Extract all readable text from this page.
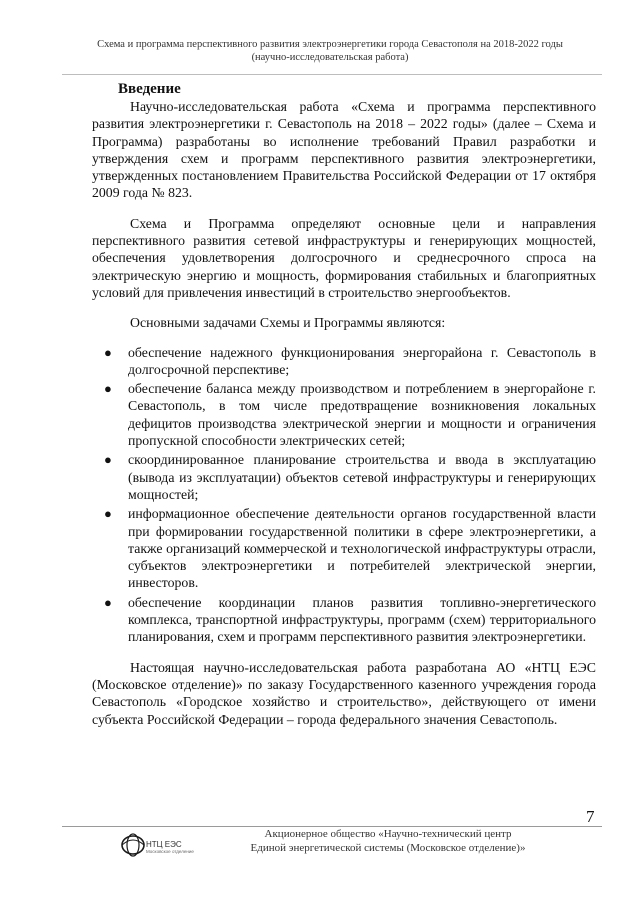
Схема и программа перспективного развития электроэнергетики города Севастополя на 2018-2022 годы
(научно-исследовательская работа)
Введение

Научно-исследовательская работа «Схема и программа перспективного развития электроэнергетики г. Севастополь на 2018 – 2022 годы» (далее – Схема и Программа) разработаны во исполнение требований Правил разработки и утверждения схем и программ перспективного развития электроэнергетики, утвержденных постановлением Правительства Российской Федерации от 17 октября 2009 года № 823.

Схема и Программа определяют основные цели и направления перспективного развития сетевой инфраструктуры и генерирующих мощностей, обеспечения удовлетворения долгосрочного и среднесрочного спроса на электрическую энергию и мощность, формирования стабильных и благоприятных условий для привлечения инвестиций в строительство энергообъектов.

Основными задачами Схемы и Программы являются:

● обеспечение надежного функционирования энергорайона г. Севастополь в долгосрочной перспективе;
● обеспечение баланса между производством и потреблением в энергорайоне г. Севастополь, в том числе предотвращение возникновения локальных дефицитов производства электрической энергии и мощности и ограничения пропускной способности электрических сетей;
● скоординированное планирование строительства и ввода в эксплуатацию (вывода из эксплуатации) объектов сетевой инфраструктуры и генерирующих мощностей;
● информационное обеспечение деятельности органов государственной власти при формировании государственной политики в сфере электроэнергетики, а также организаций коммерческой и технологической инфраструктуры отрасли, субъектов электроэнергетики и потребителей электрической энергии, инвесторов.
● обеспечение координации планов развития топливно-энергетического комплекса, транспортной инфраструктуры, программ (схем) территориального планирования, схем и программ перспективного развития электроэнергетики.

Настоящая научно-исследовательская работа разработана АО «НТЦ ЕЭС (Московское отделение)» по заказу Государственного казенного учреждения города Севастополь «Городское хозяйство и строительство», действующего от имени субъекта Российской Федерации – города федерального значения Севастополь.

7
НТЦ ЕЭС
Московское отделение
Акционерное общество «Научно-технический центр
Единой энергетической системы (Московское отделение)»
